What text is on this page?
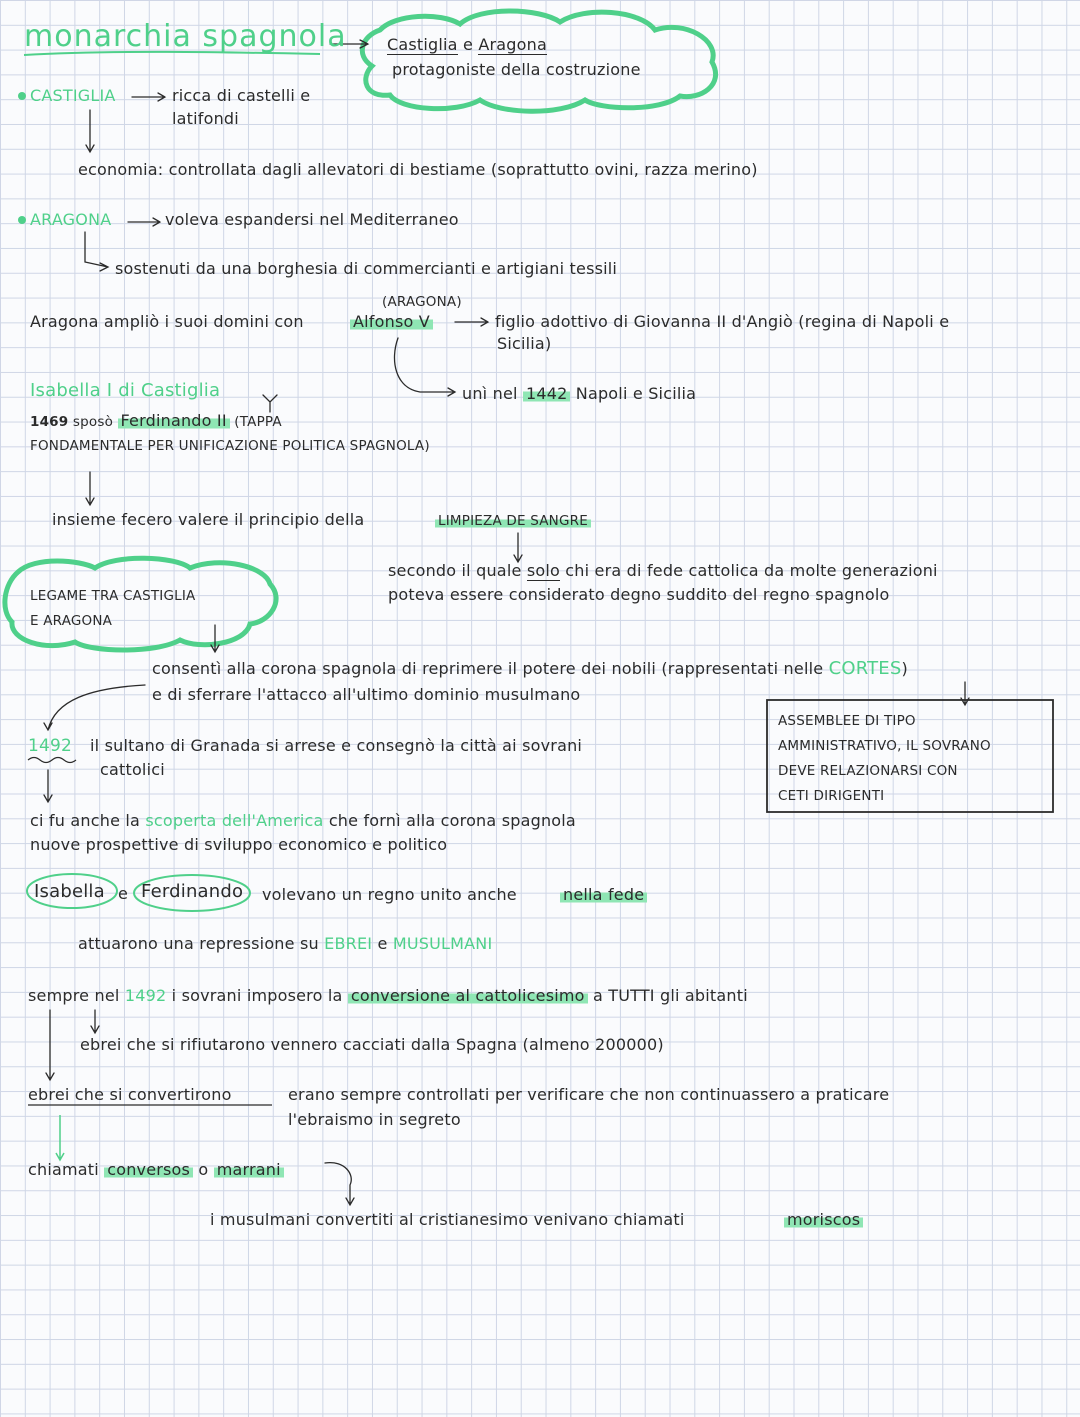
monarchia spagnola	Castiglia e Aragona
protagoniste della costruzione
CASTIGLIA	ricca di castelli e
latifondi
economia: controllata dagli allevatori di bestiame (soprattutto ovini, razza merino)
ARAGONA	voleva espandersi nel Mediterraneo
sostenuti da una borghesia di commercianti e artigiani tessili
(ARAGONA)
Aragona ampliò i suoi domini con	Alfonso V	figlio adottivo di Giovanna II d'Angiò (regina di Napoli e
Sicilia)
unì nel 1442 Napoli e Sicilia
Isabella I di Castiglia
1469 sposò Ferdinando II (TAPPA
FONDAMENTALE PER UNIFICAZIONE POLITICA SPAGNOLA)
insieme fecero valere il principio della	LIMPIEZA DE SANGRE
secondo il quale solo chi era di fede cattolica da molte generazioni
poteva essere considerato degno suddito del regno spagnolo
LEGAME TRA CASTIGLIA
E ARAGONA
consentì alla corona spagnola di reprimere il potere dei nobili (rappresentati nelle CORTES)
e di sferrare l'attacco all'ultimo dominio musulmano
ASSEMBLEE DI TIPO
AMMINISTRATIVO, IL SOVRANO
DEVE RELAZIONARSI CON
CETI DIRIGENTI
1492 il sultano di Granada si arrese e consegnò la città ai sovrani
cattolici
ci fu anche la scoperta dell'America che fornì alla corona spagnola
nuove prospettive di sviluppo economico e politico
Isabella e Ferdinando volevano un regno unito anche	nella fede
attuarono una repressione su EBREI e MUSULMANI
sempre nel 1492 i sovrani imposero la conversione al cattolicesimo a TUTTI gli abitanti
ebrei che si rifiutarono vennero cacciati dalla Spagna (almeno 200000)
ebrei che si convertirono	erano sempre controllati per verificare che non continuassero a praticare
l'ebraismo in segreto
chiamati conversos o marrani
i musulmani convertiti al cristianesimo venivano chiamati	moriscos
